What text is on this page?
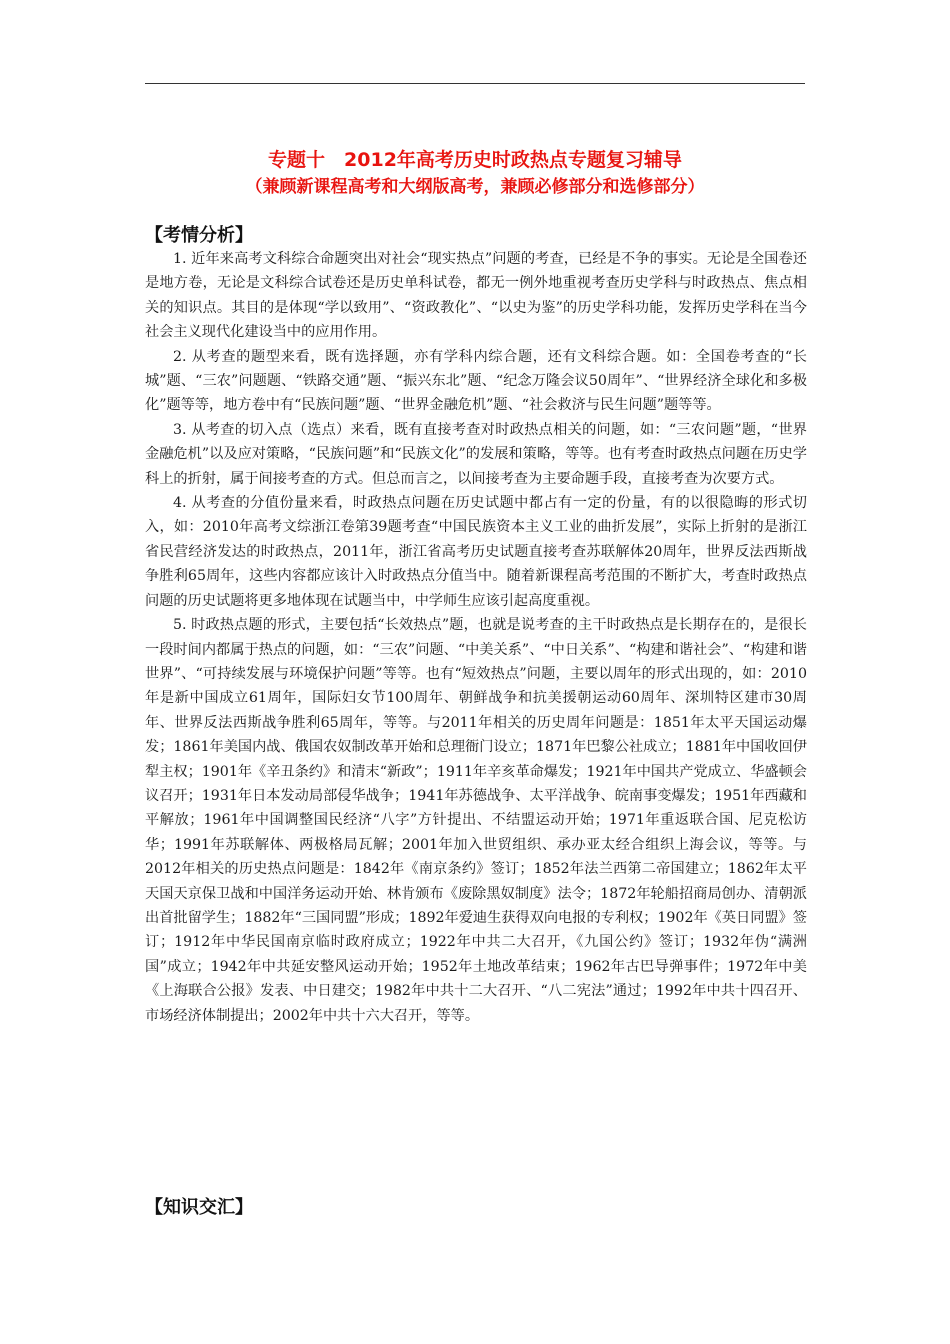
专题十　2012年高考历史时政热点专题复习辅导
（兼顾新课程高考和大纲版高考，兼顾必修部分和选修部分）
【考情分析】

1. 近年来高考文科综合命题突出对社会“现实热点”问题的考查，已经是不争的事实。无论是全国卷还是地方卷，无论是文科综合试卷还是历史单科试卷，都无一例外地重视考查历史学科与时政热点、焦点相关的知识点。其目的是体现“学以致用”、“资政教化”、“以史为鉴”的历史学科功能，发挥历史学科在当今社会主义现代化建设当中的应用作用。

2. 从考查的题型来看，既有选择题，亦有学科内综合题，还有文科综合题。如：全国卷考查的“长城”题、“三农”问题题、“铁路交通”题、“振兴东北”题、“纪念万隆会议50周年”、“世界经济全球化和多极化”题等等，地方卷中有“民族问题”题、“世界金融危机”题、“社会救济与民生问题”题等等。

3. 从考查的切入点（选点）来看，既有直接考查对时政热点相关的问题，如：“三农问题”题，“世界金融危机”以及应对策略，“民族问题”和“民族文化”的发展和策略，等等。也有考查时政热点问题在历史学科上的折射，属于间接考查的方式。但总而言之，以间接考查为主要命题手段，直接考查为次要方式。

4. 从考查的分值份量来看，时政热点问题在历史试题中都占有一定的份量，有的以很隐晦的形式切入，如：2010年高考文综浙江卷第39题考查“中国民族资本主义工业的曲折发展”，实际上折射的是浙江省民营经济发达的时政热点，2011年，浙江省高考历史试题直接考查苏联解体20周年，世界反法西斯战争胜利65周年，这些内容都应该计入时政热点分值当中。随着新课程高考范围的不断扩大，考查时政热点问题的历史试题将更多地体现在试题当中，中学师生应该引起高度重视。

5. 时政热点题的形式，主要包括“长效热点”题，也就是说考查的主干时政热点是长期存在的，是很长一段时间内都属于热点的问题，如：“三农”问题、“中美关系”、“中日关系”、“构建和谐社会”、“构建和谐世界”、“可持续发展与环境保护问题”等等。也有“短效热点”问题，主要以周年的形式出现的，如：2010年是新中国成立61周年，国际妇女节100周年、朝鲜战争和抗美援朝运动60周年、深圳特区建市30周年、世界反法西斯战争胜利65周年，等等。与2011年相关的历史周年问题是：1851年太平天国运动爆发；1861年美国内战、俄国农奴制改革开始和总理衙门设立；1871年巴黎公社成立；1881年中国收回伊犁主权；1901年《辛丑条约》和清末“新政”；1911年辛亥革命爆发；1921年中国共产党成立、华盛顿会议召开；1931年日本发动局部侵华战争；1941年苏德战争、太平洋战争、皖南事变爆发；1951年西藏和平解放；1961年中国调整国民经济“八字”方针提出、不结盟运动开始；1971年重返联合国、尼克松访华；1991年苏联解体、两极格局瓦解；2001年加入世贸组织、承办亚太经合组织上海会议，等等。与2012年相关的历史热点问题是：1842年《南京条约》签订；1852年法兰西第二帝国建立；1862年太平天国天京保卫战和中国洋务运动开始、林肯颁布《废除黑奴制度》法令；1872年轮船招商局创办、清朝派出首批留学生；1882年“三国同盟”形成；1892年爱迪生获得双向电报的专利权；1902年《英日同盟》签订；1912年中华民国南京临时政府成立；1922年中共二大召开，《九国公约》签订；1932年伪“满洲国”成立；1942年中共延安整风运动开始；1952年土地改革结束；1962年古巴导弹事件；1972年中美《上海联合公报》发表、中日建交；1982年中共十二大召开、“八二宪法”通过；1992年中共十四召开、市场经济体制提出；2002年中共十六大召开，等等。

【知识交汇】
